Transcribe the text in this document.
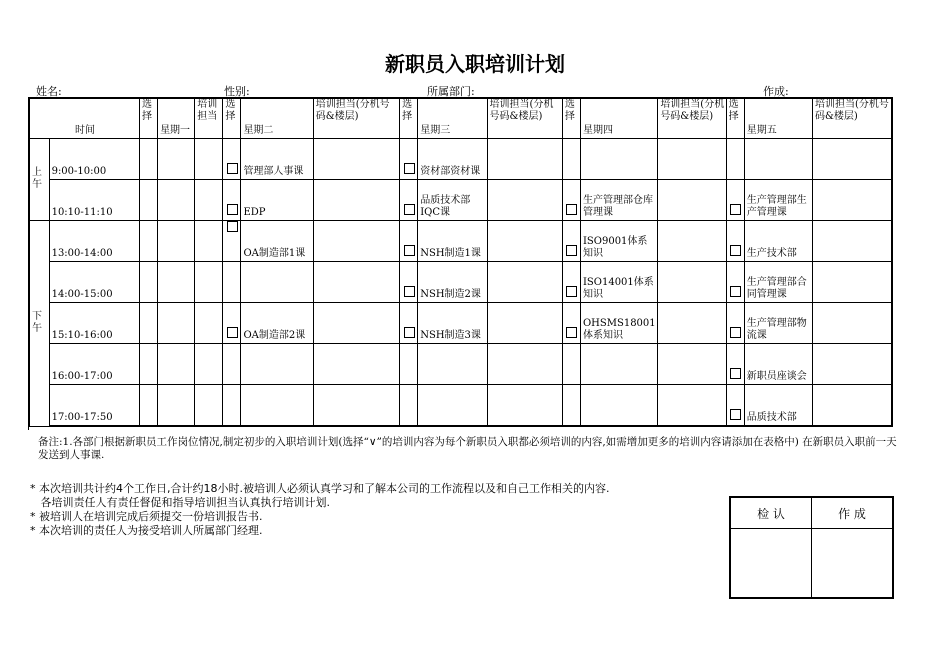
新职员入职培训计划
姓名:	性别:	所属部门:	作成:
时间		选择	星期一	培训担当	选择	星期二	培训担当(分机号码&楼层)	选择	星期三	培训担当(分机号码&楼层)	选择	星期四	培训担当(分机号码&楼层)	选择	星期五	培训担当(分机号码&楼层)
上午	9:00-10:00					管理部人事课			资材部资材课							
	10:10-11:10					EDP			品质技术部IQC课			生产管理部仓库管理课			生产管理部生产管理课	
下午	13:00-14:00					OA制造部1课			NSH制造1课			ISO9001体系知识			生产技术部	
	14:00-15:00								NSH制造2课			ISO14001体系知识			生产管理部合同管理课	
	15:10-16:00					OA制造部2课			NSH制造3课			OHSMS18001体系知识			生产管理部物流课	
	16:00-17:00														新职员座谈会	
	17:00-17:50														品质技术部	
备注:1.各部门根据新职员工作岗位情况,制定初步的入职培训计划(选择“∨”的培训内容为每个新职员入职都必须培训的内容,如需增加更多的培训内容请添加在表格中) 在新职员入职前一天发送到人事课.
* 本次培训共计约4个工作日,合计约18小时.被培训人必须认真学习和了解本公司的工作流程以及和自己工作相关的内容.
各培训责任人有责任督促和指导培训担当认真执行培训计划.
* 被培训人在培训完成后须提交一份培训报告书.
* 本次培训的责任人为接受培训人所属部门经理.
检 认	作 成
